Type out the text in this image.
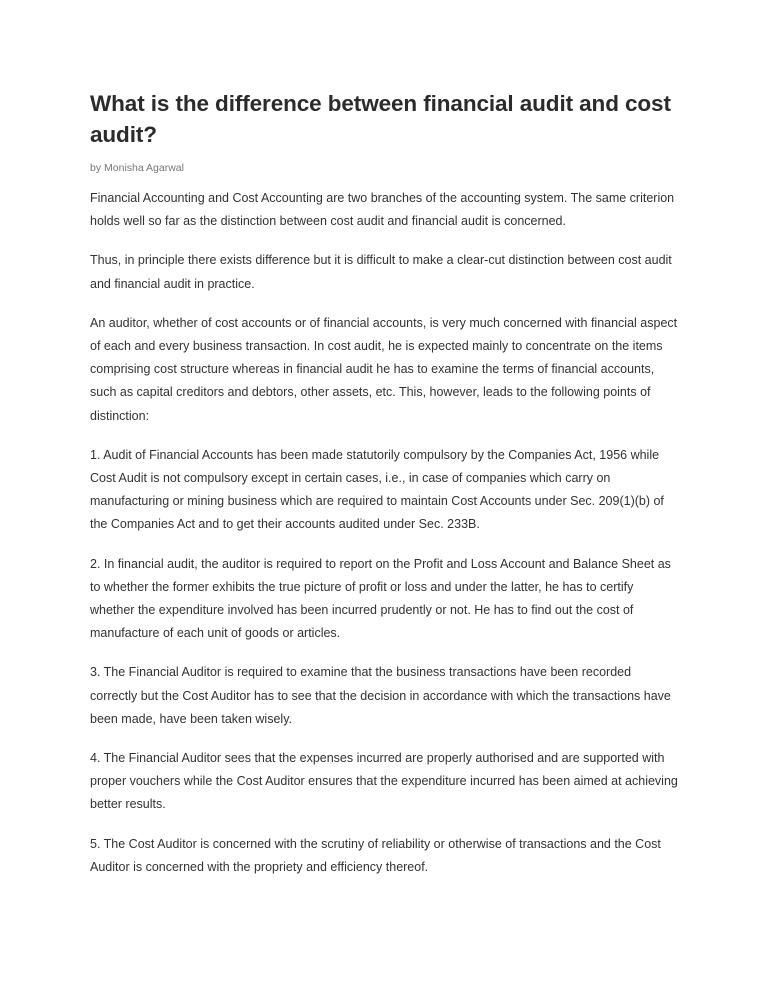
What is the difference between financial audit and cost audit?

by Monisha Agarwal

Financial Accounting and Cost Accounting are two branches of the accounting system. The same criterion holds well so far as the distinction between cost audit and financial audit is concerned.

Thus, in principle there exists difference but it is difficult to make a clear-cut distinction between cost audit and financial audit in practice.

An auditor, whether of cost accounts or of financial accounts, is very much concerned with financial aspect of each and every business transaction. In cost audit, he is expected mainly to concentrate on the items comprising cost structure whereas in financial audit he has to examine the terms of financial accounts, such as capital creditors and debtors, other assets, etc. This, however, leads to the following points of distinction:

1. Audit of Financial Accounts has been made statutorily compulsory by the Companies Act, 1956 while Cost Audit is not compulsory except in certain cases, i.e., in case of companies which carry on manufacturing or mining business which are required to maintain Cost Accounts under Sec. 209(1)(b) of the Companies Act and to get their accounts audited under Sec. 233B.

2. In financial audit, the auditor is required to report on the Profit and Loss Account and Balance Sheet as to whether the former exhibits the true picture of profit or loss and under the latter, he has to certify whether the expenditure involved has been incurred prudently or not. He has to find out the cost of manufacture of each unit of goods or articles.

3. The Financial Auditor is required to examine that the business transactions have been recorded correctly but the Cost Auditor has to see that the decision in accordance with which the transactions have been made, have been taken wisely.

4. The Financial Auditor sees that the expenses incurred are properly authorised and are supported with proper vouchers while the Cost Auditor ensures that the expenditure incurred has been aimed at achieving better results.

5. The Cost Auditor is concerned with the scrutiny of reliability or otherwise of transactions and the Cost Auditor is concerned with the propriety and efficiency thereof.
